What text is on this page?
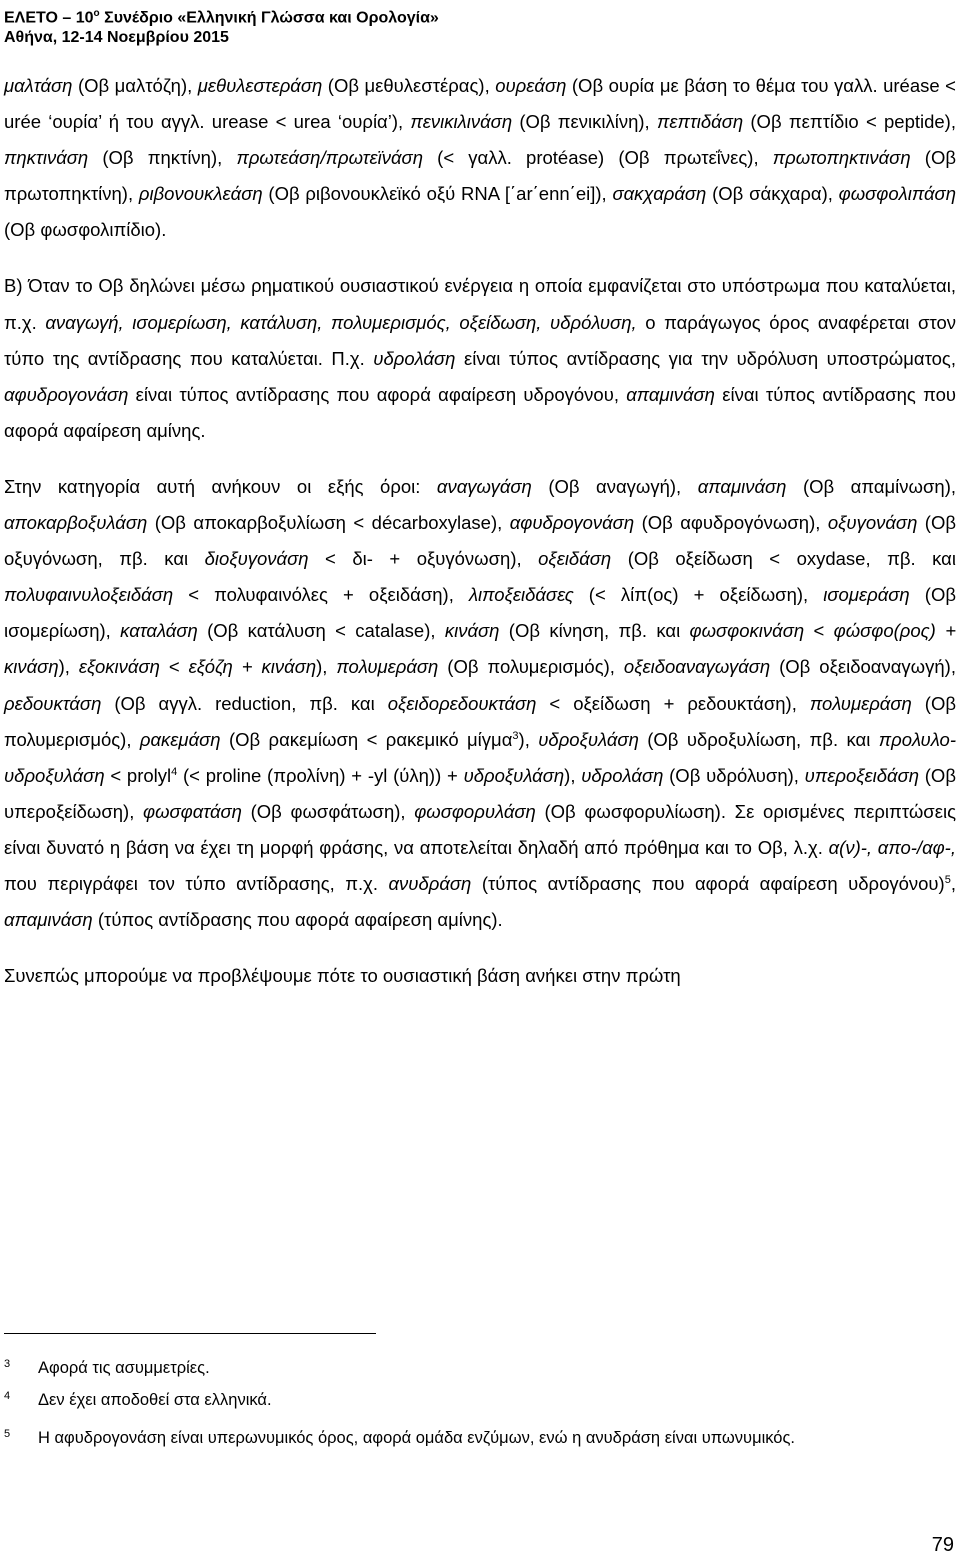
ΕΛΕΤΟ – $10^o$ Συνέδριο «Ελληνική Γλώσσα και Ορολογία»
Αθήνα, 12-14 Νοεμβρίου 2015

μαλτάση (Οβ μαλτόζη), μεθυλεστεράση (Οβ μεθυλεστέρας), ουρεάση (Οβ ουρία με βάση το θέμα του γαλλ. uréase < urée ‘ουρία’ ή του αγγλ. urease < urea ‘ουρία’), πενικιλινάση (Οβ πενικιλίνη), πεπτιδάση (Οβ πεπτίδιο < peptide), πηκτινάση (Οβ πηκτίνη), πρωτεάση/πρωτεϊνάση (< γαλλ. protéase) (Οβ πρωτεΐνες), πρωτοπηκτινάση (Οβ πρωτοπηκτίνη), ριβονουκλεάση (Οβ ριβονουκλεϊκό οξύ RNA [΄ar΄enn΄ei]), σακχαράση (Οβ σάκχαρα), φωσφολιπάση (Οβ φωσφολιπίδιο).

Β) Όταν το Οβ δηλώνει μέσω ρηματικού ουσιαστικού ενέργεια η οποία εμφανίζεται στο υπόστρωμα που καταλύεται, π.χ. αναγωγή, ισομερίωση, κατάλυση, πολυμερισμός, οξείδωση, υδρόλυση, ο παράγωγος όρος αναφέρεται στον τύπο της αντίδρασης που καταλύεται. Π.χ. υδρολάση είναι τύπος αντίδρασης για την υδρόλυση υποστρώματος, αφυδρογονάση είναι τύπος αντίδρασης που αφορά αφαίρεση υδρογόνου, απαμινάση είναι τύπος αντίδρασης που αφορά αφαίρεση αμίνης.

Στην κατηγορία αυτή ανήκουν οι εξής όροι: αναγωγάση (Οβ αναγωγή), απαμινάση (Οβ απαμίνωση), αποκαρβοξυλάση (Οβ αποκαρβοξυλίωση < décarboxylase), αφυδρογονάση (Οβ αφυδρογόνωση), οξυγονάση (Οβ οξυγόνωση, πβ. και διοξυγονάση < δι- + οξυγόνωση), οξειδάση (Οβ οξείδωση < oxydase, πβ. και πολυφαινυλοξειδάση < πολυφαινόλες + οξειδάση), λιποξειδάσες (< λίπ(ος) + οξείδωση), ισομεράση (Οβ ισομερίωση), καταλάση (Οβ κατάλυση < catalase), κινάση (Οβ κίνηση, πβ. και φωσφοκινάση < φώσφο(ρος) + κινάση), εξοκινάση < εξόζη + κινάση), πολυμεράση (Οβ πολυμερισμός), οξειδοαναγωγάση (Οβ οξειδοαναγωγή), ρεδουκτάση (Οβ αγγλ. reduction, πβ. και οξειδορεδουκτάση < οξείδωση + ρεδουκτάση), πολυμεράση (Οβ πολυμερισμός), ρακεμάση (Οβ ρακεμίωση < ρακεμικό μίγμα$^3$), υδροξυλάση (Οβ υδροξυλίωση, πβ. και προλυλο-υδροξυλάση < prolyl$^4$ (< proline (προλίνη) + -yl (ύλη)) + υδροξυλάση), υδρολάση (Οβ υδρόλυση), υπεροξειδάση (Οβ υπεροξείδωση), φωσφατάση (Οβ φωσφάτωση), φωσφορυλάση (Οβ φωσφορυλίωση). Σε ορισμένες περιπτώσεις είναι δυνατό η βάση να έχει τη μορφή φράσης, να αποτελείται δηλαδή από πρόθημα και το Οβ, λ.χ. α(ν)-, απο-/αφ-, που περιγράφει τον τύπο αντίδρασης, π.χ. ανυδράση (τύπος αντίδρασης που αφορά αφαίρεση υδρογόνου)$^5$, απαμινάση (τύπος αντίδρασης που αφορά αφαίρεση αμίνης).

Συνεπώς μπορούμε να προβλέψουμε πότε το ουσιαστική βάση ανήκει στην πρώτη

3 Αφορά τις ασυμμετρίες.
4 Δεν έχει αποδοθεί στα ελληνικά.
5 Η αφυδρογονάση είναι υπερωνυμικός όρος, αφορά ομάδα ενζύμων, ενώ η ανυδράση είναι υπωνυμικός.
79
